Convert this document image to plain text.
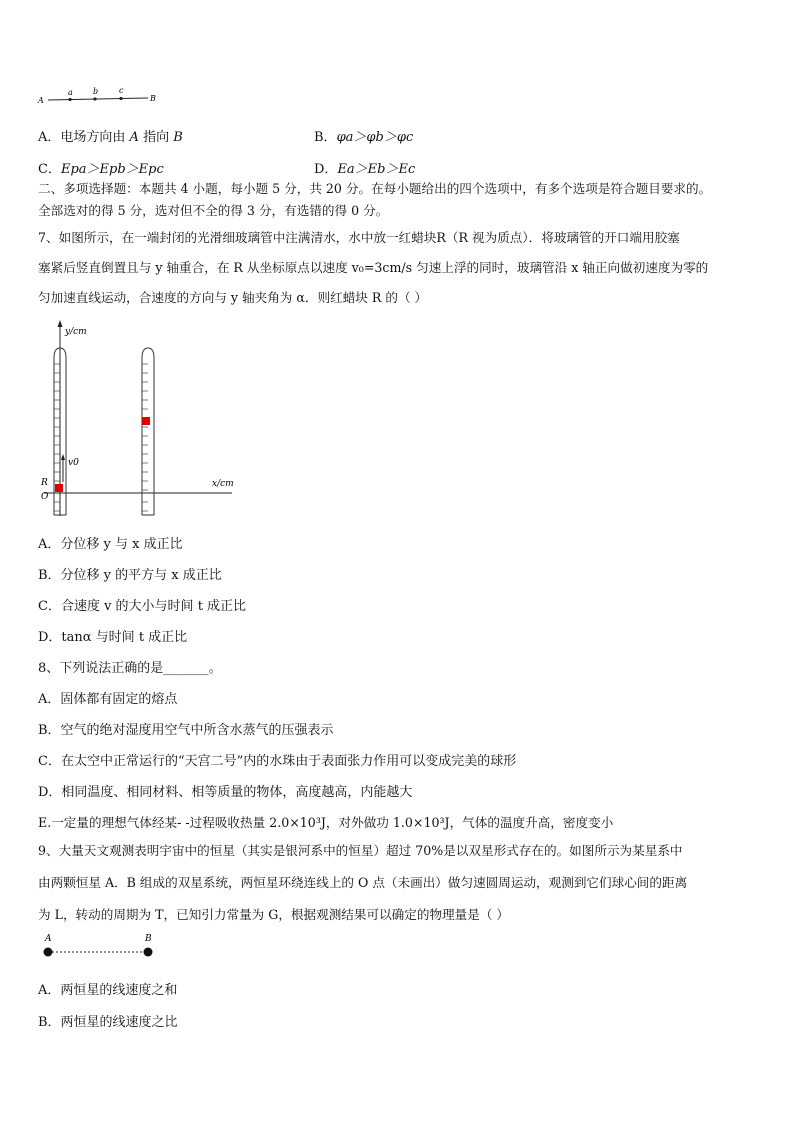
A
a	b	c
B
A．电场方向由 A 指向 B	B．φa＞φb＞φc
C．Epa＞Epb＞Epc	D．Ea＞Eb＞Ec
二、多项选择题：本题共 4 小题，每小题 5 分，共 20 分。在每小题给出的四个选项中，有多个选项是符合题目要求的。
全部选对的得 5 分，选对但不全的得 3 分，有选错的得 0 分。
7、如图所示，在一端封闭的光滑细玻璃管中注满清水，水中放一红蜡块R（R 视为质点）．将玻璃管的开口端用胶塞
塞紧后竖直倒置且与 y 轴重合，在 R 从坐标原点以速度 v₀=3cm/s 匀速上浮的同时，玻璃管沿 x 轴正向做初速度为零的
匀加速直线运动，合速度的方向与 y 轴夹角为 α．则红蜡块 R 的（ ）
y/cm
x/cm
v0
R
O
A．分位移 y 与 x 成正比
B．分位移 y 的平方与 x 成正比
C．合速度 v 的大小与时间 t 成正比
D．tanα 与时间 t 成正比
8、下列说法正确的是_______。
A．固体都有固定的熔点
B．空气的绝对湿度用空气中所含水蒸气的压强表示
C．在太空中正常运行的“天宫二号”内的水珠由于表面张力作用可以变成完美的球形
D．相同温度、相同材料、相等质量的物体，高度越高，内能越大
E.一定量的理想气体经某- -过程吸收热量 2.0×10³J，对外做功 1.0×10³J，气体的温度升高，密度变小
9、大量天文观测表明宇宙中的恒星（其实是银河系中的恒星）超过 70%是以双星形式存在的。如图所示为某星系中
由两颗恒星 A．B 组成的双星系统，两恒星环绕连线上的 O 点（未画出）做匀速圆周运动，观测到它们球心间的距离
为 L，转动的周期为 T，已知引力常量为 G，根据观测结果可以确定的物理量是（ ）
A	B
A．两恒星的线速度之和
B．两恒星的线速度之比
